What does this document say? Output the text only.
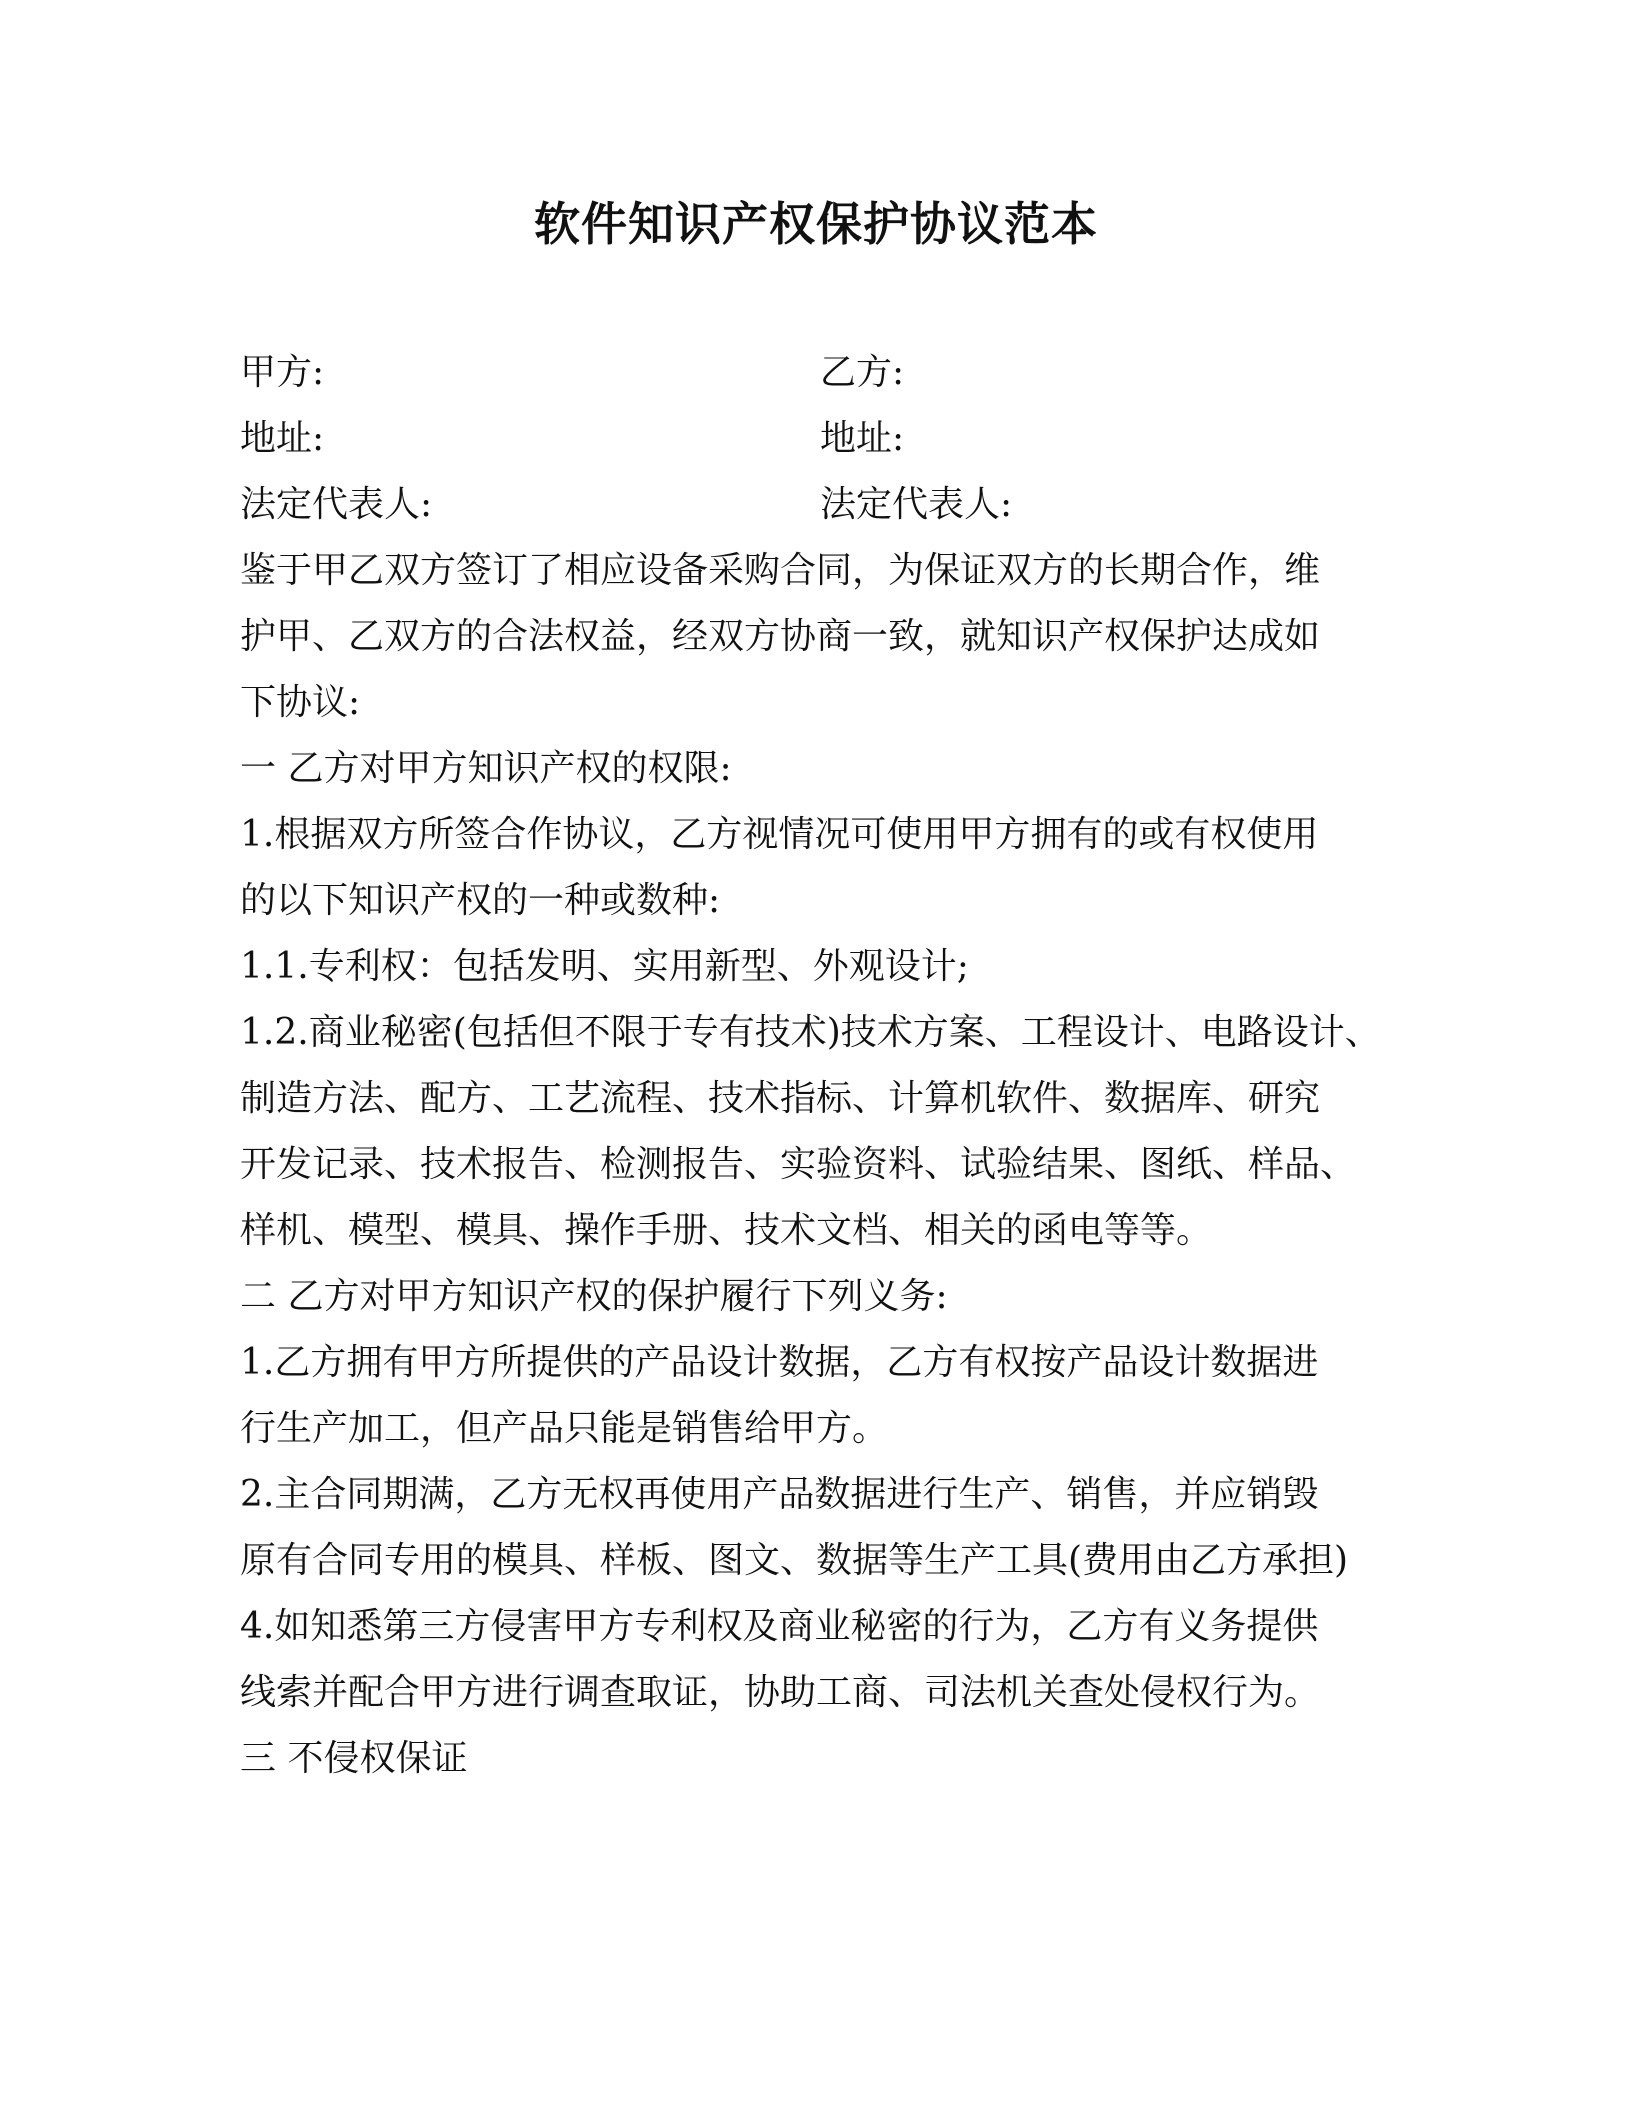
软件知识产权保护协议范本
甲方:	乙方:
地址:	地址:
法定代表人:	法定代表人:
鉴于甲乙双方签订了相应设备采购合同，为保证双方的长期合作，维
护甲、乙双方的合法权益，经双方协商一致，就知识产权保护达成如
下协议:
一 乙方对甲方知识产权的权限:
1.根据双方所签合作协议，乙方视情况可使用甲方拥有的或有权使用
的以下知识产权的一种或数种:
1.1.专利权：包括发明、实用新型、外观设计;
1.2.商业秘密(包括但不限于专有技术)技术方案、工程设计、电路设计、
制造方法、配方、工艺流程、技术指标、计算机软件、数据库、研究
开发记录、技术报告、检测报告、实验资料、试验结果、图纸、样品、
样机、模型、模具、操作手册、技术文档、相关的函电等等。
二 乙方对甲方知识产权的保护履行下列义务:
1.乙方拥有甲方所提供的产品设计数据，乙方有权按产品设计数据进
行生产加工，但产品只能是销售给甲方。
2.主合同期满，乙方无权再使用产品数据进行生产、销售，并应销毁
原有合同专用的模具、样板、图文、数据等生产工具(费用由乙方承担)
4.如知悉第三方侵害甲方专利权及商业秘密的行为，乙方有义务提供
线索并配合甲方进行调查取证，协助工商、司法机关查处侵权行为。
三 不侵权保证
